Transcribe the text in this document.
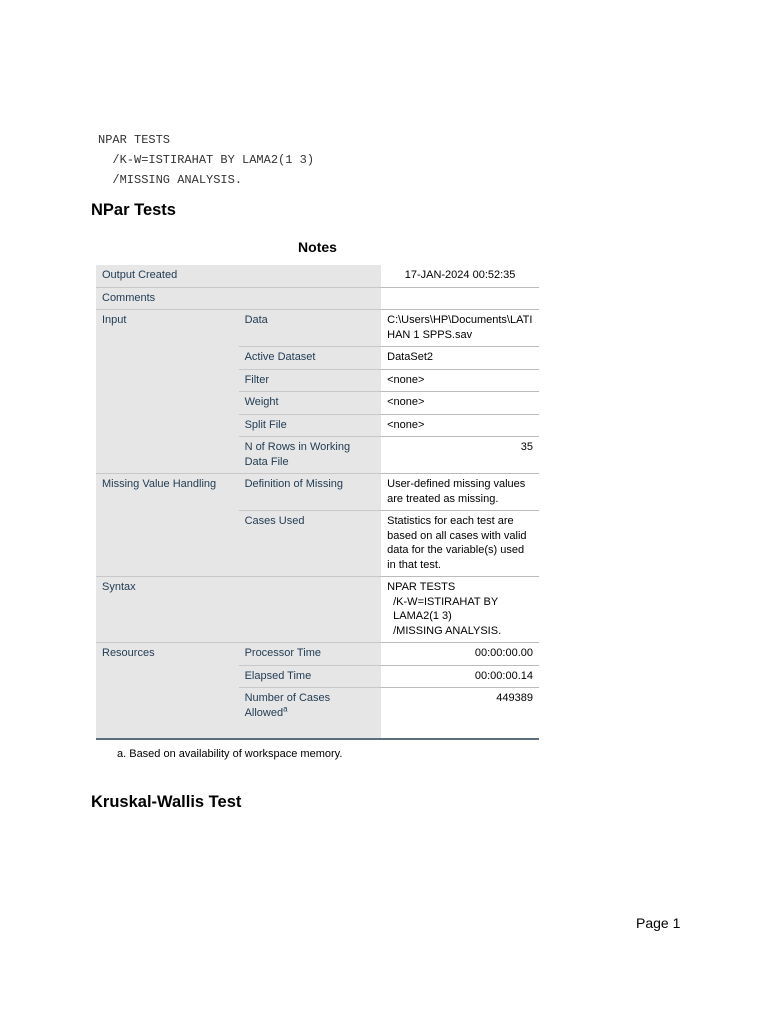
NPAR TESTS
/K-W=ISTIRAHAT BY LAMA2(1 3)
/MISSING ANALYSIS.
NPar Tests
Notes
Output Created		17-JAN-2024 00:52:35
Comments		
Input	Data	C:\Users\HP\Documents\LATIHAN 1 SPPS.sav
	Active Dataset	DataSet2
	Filter	<none>
	Weight	<none>
	Split File	<none>
	N of Rows in Working Data File	35
Missing Value Handling	Definition of Missing	User-defined missing values are treated as missing.
	Cases Used	Statistics for each test are based on all cases with valid data for the variable(s) used in that test.
Syntax		NPAR TESTS
/K-W=ISTIRAHAT BY LAMA2(1 3)
/MISSING ANALYSIS.

Resources	Processor Time	00:00:00.00
	Elapsed Time	00:00:00.14
	Number of Cases Allowed$^a$	449389

a. Based on availability of workspace memory.

Kruskal-Wallis Test

Page 1
